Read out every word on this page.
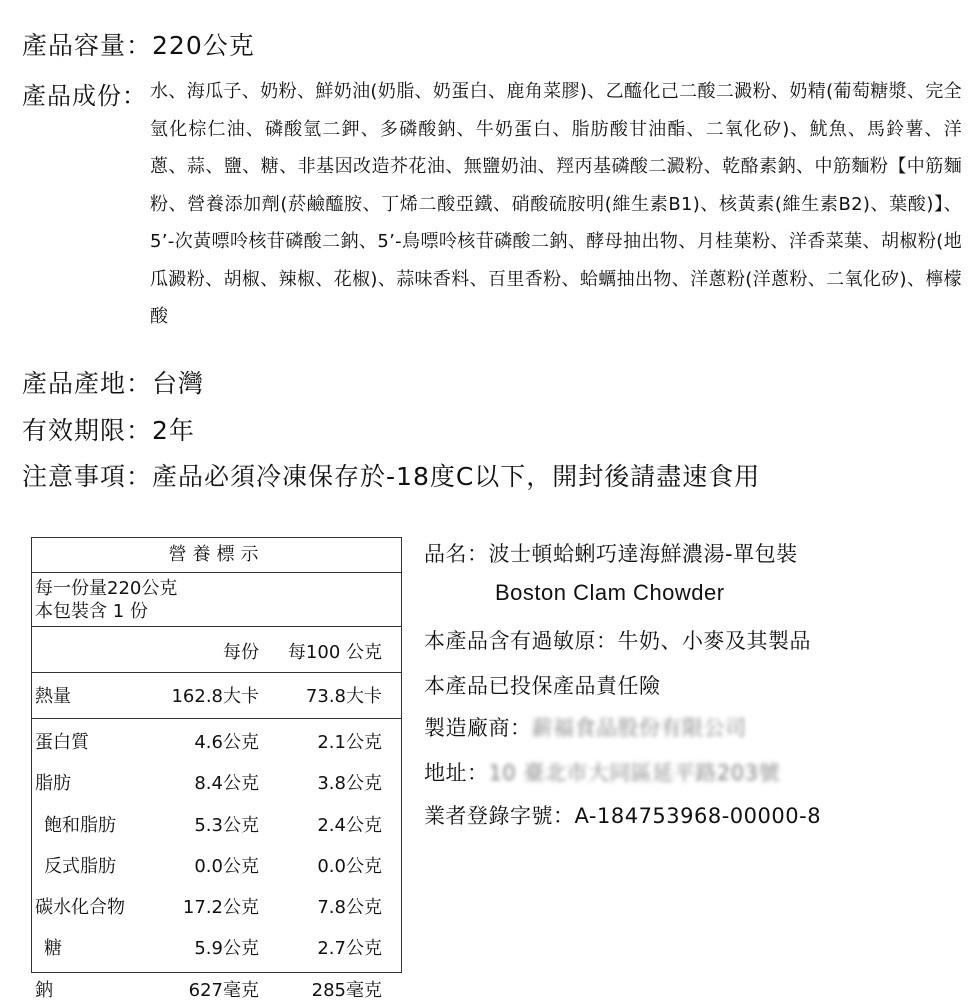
產品容量：220公克
產品成份： 水、海瓜子、奶粉、鮮奶油(奶脂、奶蛋白、鹿角菜膠)、乙醯化己二酸二澱粉、奶精(葡萄糖漿、完全氫化棕仁油、磷酸氫二鉀、多磷酸鈉、牛奶蛋白、脂肪酸甘油酯、二氧化矽)、魷魚、馬鈴薯、洋蔥、蒜、鹽、糖、非基因改造芥花油、無鹽奶油、羥丙基磷酸二澱粉、乾酪素鈉、中筋麵粉【中筋麵粉、營養添加劑(菸鹼醯胺、丁烯二酸亞鐵、硝酸硫胺明(維生素B1)、核黃素(維生素B2)、葉酸)】、5’-次黃嘌呤核苷磷酸二鈉、5’-鳥嘌呤核苷磷酸二鈉、酵母抽出物、月桂葉粉、洋香菜葉、胡椒粉(地瓜澱粉、胡椒、辣椒、花椒)、蒜味香料、百里香粉、蛤蠣抽出物、洋蔥粉(洋蔥粉、二氧化矽)、檸檬酸
產品產地：台灣
有效期限：2年
注意事項：產品必須冷凍保存於-18度C以下，開封後請盡速食用
營養標示
每一份量220公克
本包裝含 1 份
每份 每100 公克
熱量	162.8大卡	73.8大卡
蛋白質	4.6公克	2.1公克
脂肪	8.4公克	3.8公克
飽和脂肪	5.3公克	2.4公克
反式脂肪	0.0公克	0.0公克
碳水化合物	17.2公克	7.8公克
糖	5.9公克	2.7公克
鈉	627毫克	285毫克
品名：波士頓蛤蜊巧達海鮮濃湯-單包裝
Boston Clam Chowder
本產品含有過敏原：牛奶、小麥及其製品
本產品已投保產品責任險
製造廠商：薪福食品股份有限公司
地址：10 臺北市大同區延平路203號
業者登錄字號：A-184753968-00000-8
